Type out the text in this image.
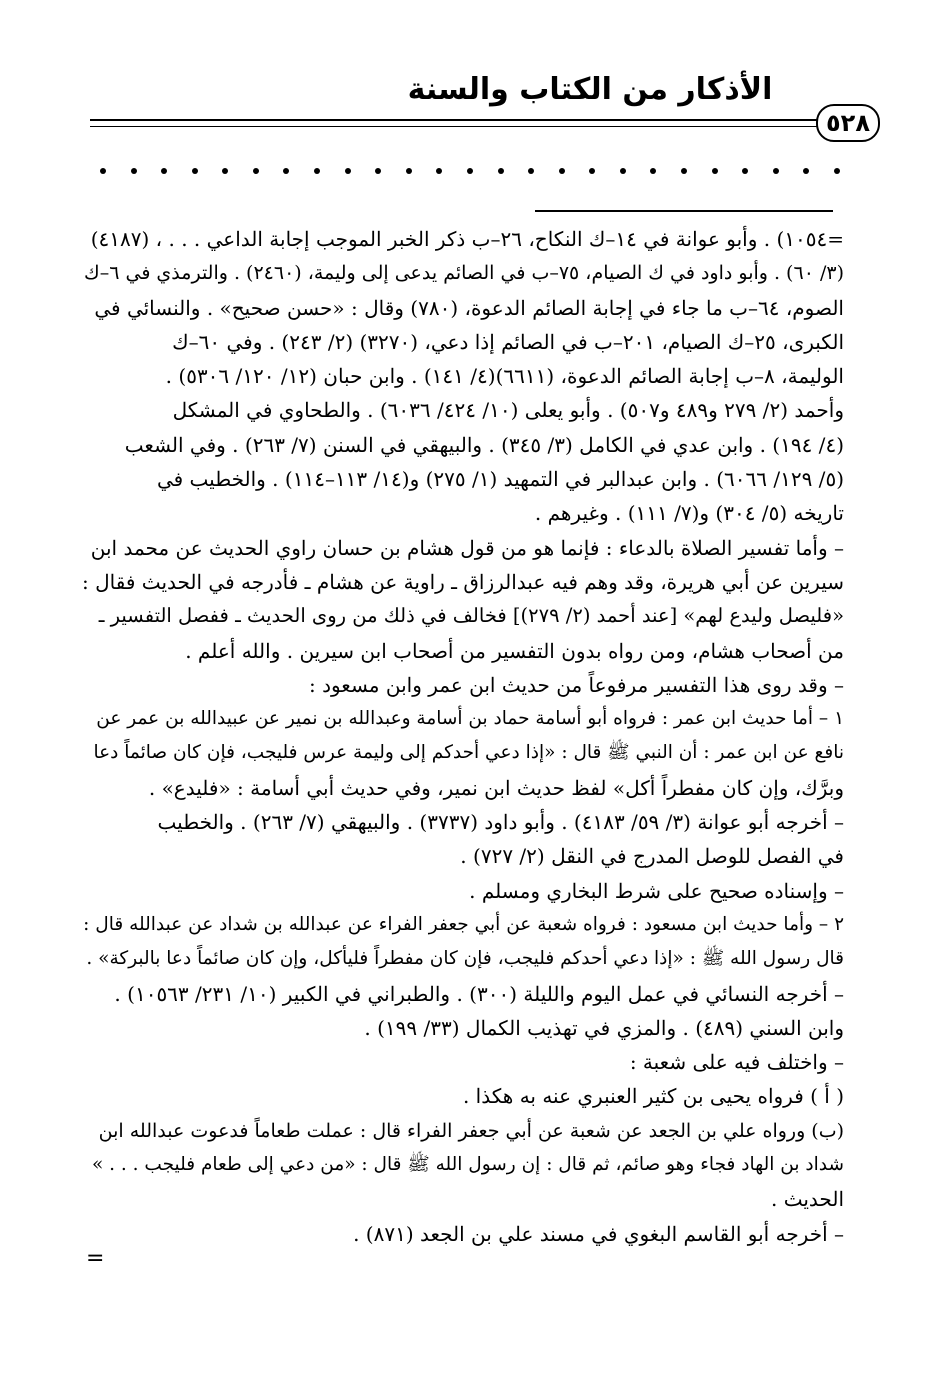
الأذكار من الكتاب والسنة
٥٢٨
=١٠٥٤) . وأبو عوانة في ١٤–ك النكاح، ٢٦–ب ذكر الخبر الموجب إجابة الداعي . . . ، (٤١٨٧)
(٣/ ٦٠) . وأبو داود في ك الصيام، ٧٥–ب في الصائم يدعى إلى وليمة، (٢٤٦٠) . والترمذي في ٦–ك
الصوم، ٦٤–ب ما جاء في إجابة الصائم الدعوة، (٧٨٠) وقال : «حسن صحيح» . والنسائي في
الكبرى، ٢٥–ك الصيام، ٢٠١–ب في الصائم إذا دعي، (٣٢٧٠) (٢/ ٢٤٣) . وفي ٦٠–ك
الوليمة، ٨–ب إجابة الصائم الدعوة، (٦٦١١)(٤/ ١٤١) . وابن حبان (١٢/ ١٢٠/ ٥٣٠٦) .
وأحمد (٢/ ٢٧٩ و٤٨٩ و٥٠٧) . وأبو يعلى (١٠/ ٤٢٤/ ٦٠٣٦) . والطحاوي في المشكل
(٤/ ١٩٤) . وابن عدي في الكامل (٣/ ٣٤٥) . والبيهقي في السنن (٧/ ٢٦٣) . وفي الشعب
(٥/ ١٢٩/ ٦٠٦٦) . وابن عبدالبر في التمهيد (١/ ٢٧٥) و(١٤/ ١١٣–١١٤) . والخطيب في
تاريخه (٥/ ٣٠٤) و(٧/ ١١١) . وغيرهم .
– وأما تفسير الصلاة بالدعاء : فإنما هو من قول هشام بن حسان راوي الحديث عن محمد ابن
سيرين عن أبي هريرة، وقد وهم فيه عبدالرزاق ـ راوية عن هشام ـ فأدرجه في الحديث فقال :
«فليصل وليدع لهم» [عند أحمد (٢/ ٢٧٩)] فخالف في ذلك من روى الحديث ـ ففصل التفسير ـ
من أصحاب هشام، ومن رواه بدون التفسير من أصحاب ابن سيرين . والله أعلم .
– وقد روى هذا التفسير مرفوعاً من حديث ابن عمر وابن مسعود :
١ – أما حديث ابن عمر : فرواه أبو أسامة حماد بن أسامة وعبدالله بن نمير عن عبيدالله بن عمر عن
نافع عن ابن عمر : أن النبي ﷺ قال : «إذا دعي أحدكم إلى وليمة عرس فليجب، فإن كان صائماً دعا
وبرَّك، وإن كان مفطراً أكل» لفظ حديث ابن نمير، وفي حديث أبي أسامة : «فليدع» .
– أخرجه أبو عوانة (٣/ ٥٩/ ٤١٨٣) . وأبو داود (٣٧٣٧) . والبيهقي (٧/ ٢٦٣) . والخطيب
في الفصل للوصل المدرج في النقل (٢/ ٧٢٧) .
– وإسناده صحيح على شرط البخاري ومسلم .
٢ – وأما حديث ابن مسعود : فرواه شعبة عن أبي جعفر الفراء عن عبدالله بن شداد عن عبدالله قال :
قال رسول الله ﷺ : «إذا دعي أحدكم فليجب، فإن كان مفطراً فليأكل، وإن كان صائماً دعا بالبركة» .
– أخرجه النسائي في عمل اليوم والليلة (٣٠٠) . والطبراني في الكبير (١٠/ ٢٣١/ ١٠٥٦٣) .
وابن السني (٤٨٩) . والمزي في تهذيب الكمال (٣٣/ ١٩٩) .
– واختلف فيه على شعبة :
( أ ) فرواه يحيى بن كثير العنبري عنه به هكذا .
(ب) ورواه علي بن الجعد عن شعبة عن أبي جعفر الفراء قال : عملت طعاماً فدعوت عبدالله ابن
شداد بن الهاد فجاء وهو صائم، ثم قال : إن رسول الله ﷺ قال : «من دعي إلى طعام فليجب . . . »
الحديث .
– أخرجه أبو القاسم البغوي في مسند علي بن الجعد (٨٧١) .
=
